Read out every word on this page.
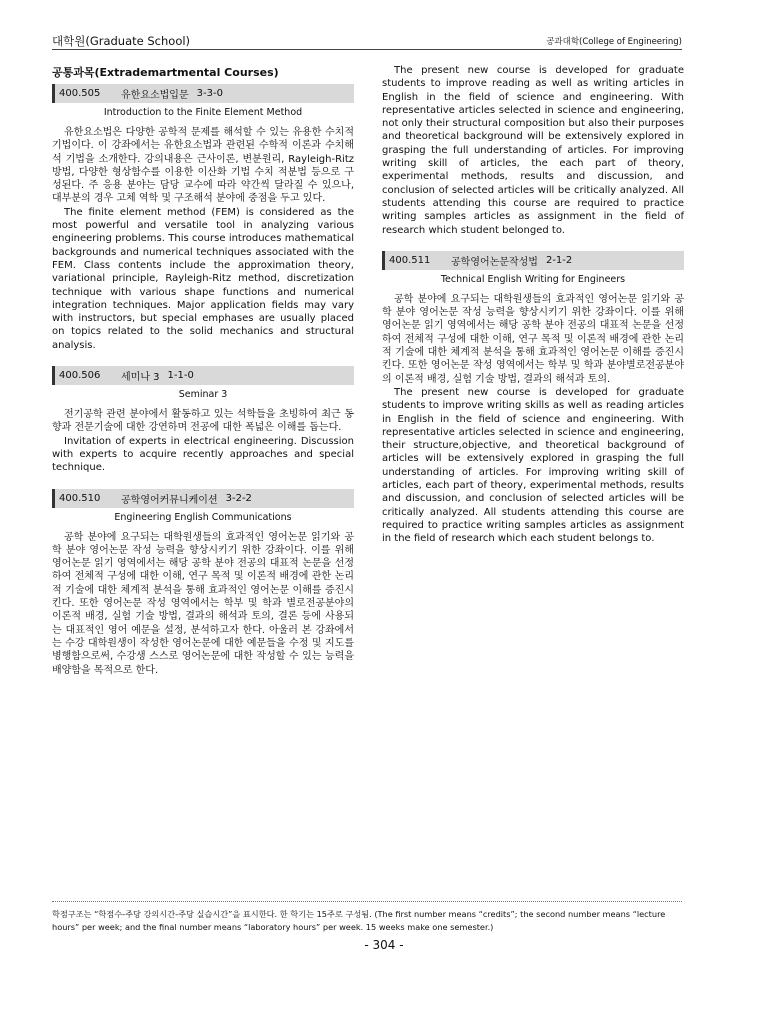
대학원(Graduate School)	공과대학(College of Engineering)
공통과목(Extrademartmental Courses)
400.505	유한요소법입문 3-3-0
Introduction to the Finite Element Method

유한요소법은 다양한 공학적 문제를 해석할 수 있는 유용한 수치적 기법이다. 이 강좌에서는 유한요소법과 관련된 수학적 이론과 수치해석 기법을 소개한다. 강의내용은 근사이론, 변분원리, Rayleigh-Ritz 방법, 다양한 형상함수를 이용한 이산화 기법 수치 적분법 등으로 구성된다. 주 응용 분야는 담당 교수에 따라 약간씩 달라질 수 있으나, 대부분의 경우 고체 역학 및 구조해석 분야에 중점을 두고 있다.

The finite element method (FEM) is considered as the most powerful and versatile tool in analyzing various engineering problems. This course introduces mathematical backgrounds and numerical techniques associated with the FEM. Class contents include the approximation theory, variational principle, Rayleigh-Ritz method, discretization technique with various shape functions and numerical integration techniques. Major application fields may vary with instructors, but special emphases are usually placed on topics related to the solid mechanics and structural analysis.

400.506	세미나 3 1-1-0
Seminar 3

전기공학 관련 분야에서 활동하고 있는 석학들을 초빙하여 최근 동향과 전문기술에 대한 강연하며 전공에 대한 폭넓은 이해를 돕는다.

Invitation of experts in electrical engineering. Discussion with experts to acquire recently approaches and special technique.

400.510	공학영어커뮤니케이션 3-2-2
Engineering English Communications

공학 분야에 요구되는 대학원생들의 효과적인 영어논문 읽기와 공학 분야 영어논문 작성 능력을 향상시키기 위한 강좌이다. 이를 위해 영어논문 읽기 영역에서는 해당 공학 분야 전공의 대표적 논문을 선정하여 전체적 구성에 대한 이해, 연구 목적 및 이론적 배경에 관한 논리적 기술에 대한 체계적 분석을 통해 효과적인 영어논문 이해를 증진시킨다. 또한 영어논문 작성 영역에서는 학부 및 학과 별로전공분야의 이론적 배경, 실험 기술 방법, 결과의 해석과 토의, 결론 등에 사용되는 대표적인 영어 예문을 설정, 분석하고자 한다. 아울러 본 강좌에서는 수강 대학원생이 작성한 영어논문에 대한 예문들을 수정 및 지도를 병행함으로써, 수강생 스스로 영어논문에 대한 작성할 수 있는 능력을 배양함을 목적으로 한다.

The present new course is developed for graduate students to improve reading as well as writing articles in English in the field of science and engineering. With representative articles selected in science and engineering, not only their structural composition but also their purposes and theoretical background will be extensively explored in grasping the full understanding of articles. For improving writing skill of articles, the each part of theory, experimental methods, results and discussion, and conclusion of selected articles will be critically analyzed. All students attending this course are required to practice writing samples articles as assignment in the field of research which student belonged to.

400.511	공학영어논문작성법 2-1-2
Technical English Writing for Engineers

공학 분야에 요구되는 대학원생들의 효과적인 영어논문 읽기와 공학 분야 영어논문 작성 능력을 향상시키기 위한 강좌이다. 이를 위해 영어논문 읽기 영역에서는 해당 공학 분야 전공의 대표적 논문을 선정하여 전체적 구성에 대한 이해, 연구 목적 및 이론적 배경에 관한 논리적 기술에 대한 체계적 분석을 통해 효과적인 영어논문 이해를 증진시킨다. 또한 영어논문 작성 영역에서는 학부 및 학과 분야별로전공분야의 이론적 배경, 실험 기술 방법, 결과의 해석과 토의.

The present new course is developed for graduate students to improve writing skills as well as reading articles in English in the field of science and engineering. With representative articles selected in science and engineering, their structure,objective, and theoretical background of articles will be extensively explored in grasping the full understanding of articles. For improving writing skill of articles, each part of theory, experimental methods, results and discussion, and conclusion of selected articles will be critically analyzed. All students attending this course are required to practice writing samples articles as assignment in the field of research which each student belongs to.

학점구조는 “학점수-주당 강의시간-주당 실습시간”을 표시한다. 한 학기는 15주로 구성됨. (The first number means “credits”; the second number means “lecture hours” per week; and the final number means “laboratory hours” per week. 15 weeks make one semester.)
- 304 -
